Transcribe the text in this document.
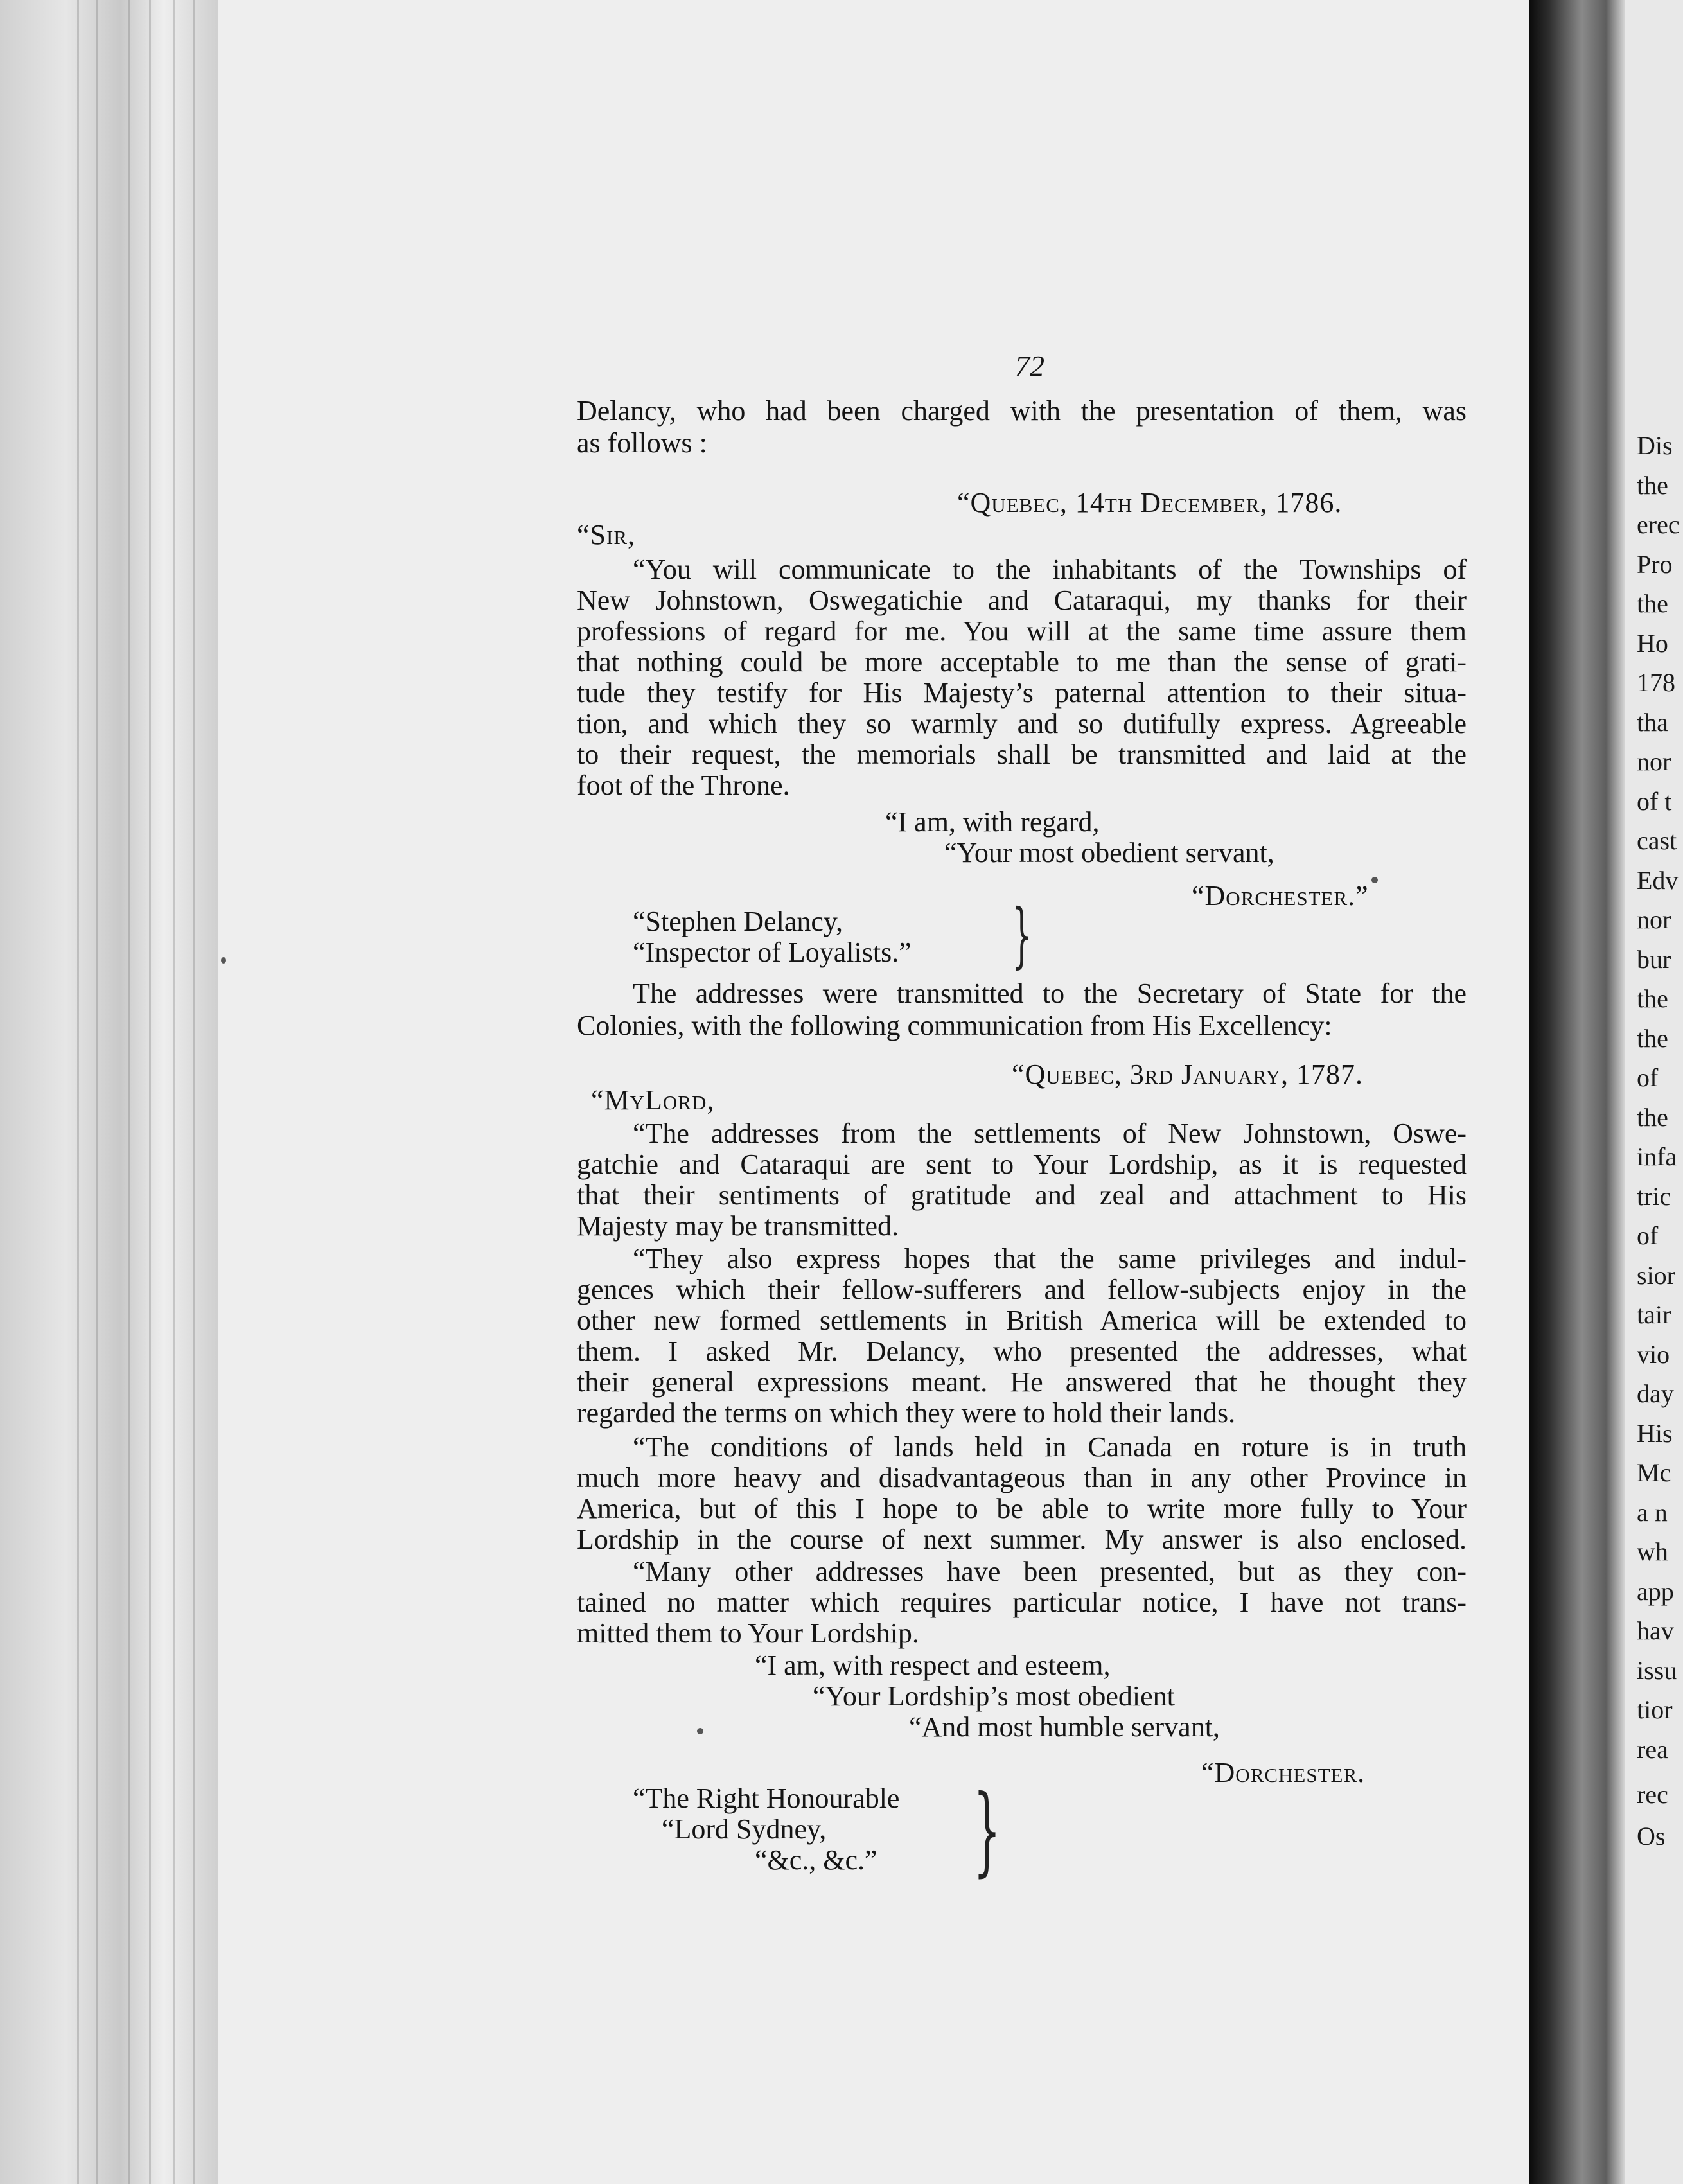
Dis
the
erec
Pro
the
Ho
178
tha
nor
of t
cast
Edv
nor
bur
the
the
of
the
infa
tric
of
sior
tair
vio
day
His
Mc
a n
wh
app
hav
issu
tior
rea
rec
Os
72
Delancy, who had been charged with the presentation of them, was
as follows :
“Quebec, 14th December, 1786.
“Sir,
“You will communicate to the inhabitants of the Townships of
New Johnstown, Oswegatichie and Cataraqui, my thanks for their
professions of regard for me. You will at the same time assure them
that nothing could be more acceptable to me than the sense of grati-
tude they testify for His Majesty’s paternal attention to their situa-
tion, and which they so warmly and so dutifully express. Agreeable
to their request, the memorials shall be transmitted and laid at the
foot of the Throne.
“I am, with regard,
“Your most obedient servant,
“Dorchester.”
“Stephen Delancy,
“Inspector of Loyalists.” }
The addresses were transmitted to the Secretary of State for the
Colonies, with the following communication from His Excellency:
“Quebec, 3rd January, 1787.
“MyLord,
“The addresses from the settlements of New Johnstown, Oswe-
gatchie and Cataraqui are sent to Your Lordship, as it is requested
that their sentiments of gratitude and zeal and attachment to His
Majesty may be transmitted.
“They also express hopes that the same privileges and indul-
gences which their fellow-sufferers and fellow-subjects enjoy in the
other new formed settlements in British America will be extended to
them. I asked Mr. Delancy, who presented the addresses, what
their general expressions meant. He answered that he thought they
regarded the terms on which they were to hold their lands.
“The conditions of lands held in Canada en roture is in truth
much more heavy and disadvantageous than in any other Province in
America, but of this I hope to be able to write more fully to Your
Lordship in the course of next summer. My answer is also enclosed.
“Many other addresses have been presented, but as they con-
tained no matter which requires particular notice, I have not trans-
mitted them to Your Lordship.
“I am, with respect and esteem,
“Your Lordship’s most obedient
“And most humble servant,
“Dorchester.
“The Right Honourable
“Lord Sydney,
“&c., &c.” }
